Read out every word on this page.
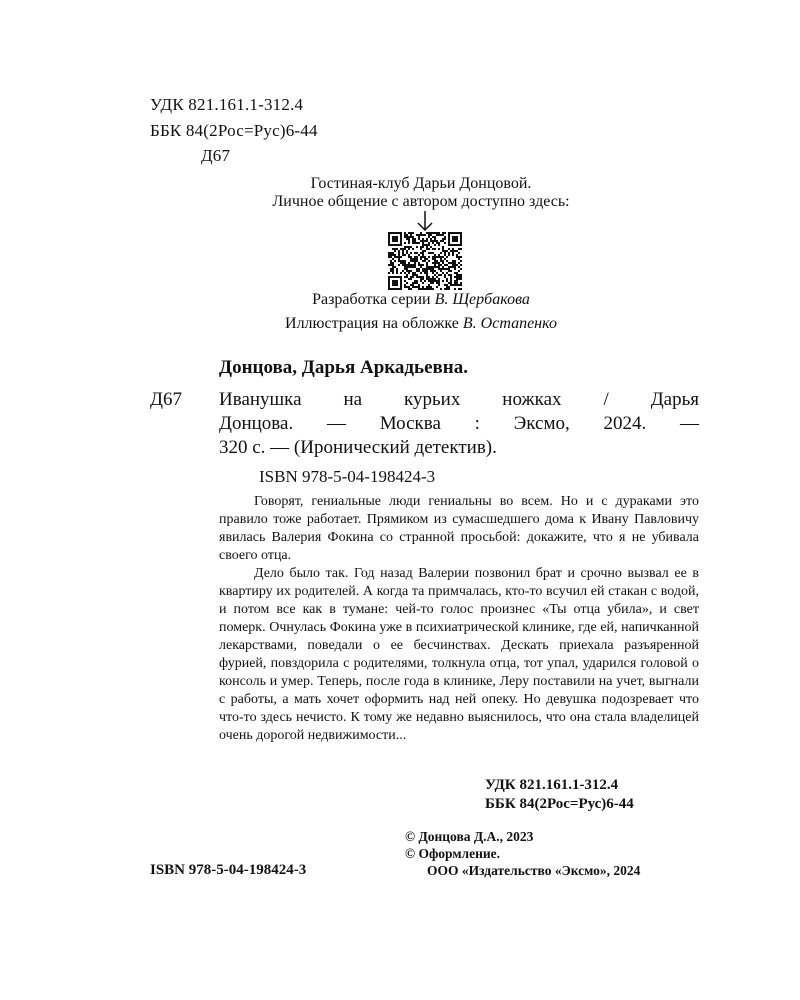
УДК 821.161.1-312.4
ББК 84(2Рос=Рус)6-44
Д67
Гостиная-клуб Дарьи Донцовой.
Личное общение с автором доступно здесь:
Разработка серии В. Щербакова
Иллюстрация на обложке В. Остапенко
Донцова, Дарья Аркадьевна.
Д67 Иванушка на курьих ножках / Дарья
Донцова. — Москва : Эксмо, 2024. —
320 с. — (Иронический детектив).
ISBN 978-5-04-198424-3

Говорят, гениальные люди гениальны во всем. Но и с дураками это правило тоже работает. Прямиком из сумасшедшего дома к Ивану Павловичу явилась Валерия Фокина со странной просьбой: докажите, что я не убивала своего отца.

Дело было так. Год назад Валерии позвонил брат и срочно вызвал ее в квартиру их родителей. А когда та примчалась, кто-то всучил ей стакан с водой, и потом все как в тумане: чей-то голос произнес «Ты отца убила», и свет померк. Очнулась Фокина уже в психиатрической клинике, где ей, напичканной лекарствами, поведали о ее бесчинствах. Дескать приехала разъяренной фурией, повздорила с родителями, толкнула отца, тот упал, ударился головой о консоль и умер. Теперь, после года в клинике, Леру поставили на учет, выгнали с работы, а мать хочет оформить над ней опеку. Но девушка подозревает что что-то здесь нечисто. К тому же недавно выяснилось, что она стала владелицей очень дорогой недвижимости...

УДК 821.161.1-312.4
ББК 84(2Рос=Рус)6-44
© Донцова Д.А., 2023
© Оформление.
ООО «Издательство «Эксмо», 2024
ISBN 978-5-04-198424-3
